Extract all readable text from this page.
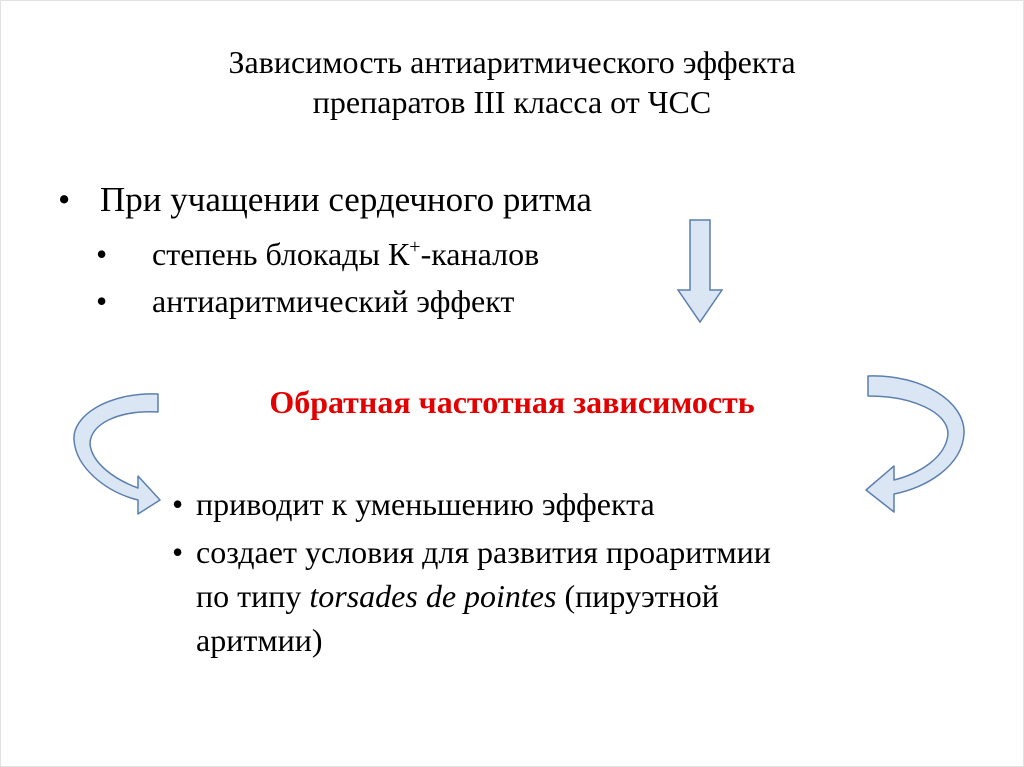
Зависимость антиаритмического эффекта
препаратов III класса от ЧСС
• При учащении сердечного ритма
• степень блокады К+-каналов
• антиаритмический эффект
Обратная частотная зависимость
• приводит к уменьшению эффекта
• создает условия для развития проаритмии
по типу torsades de pointes (пируэтной
аритмии)
